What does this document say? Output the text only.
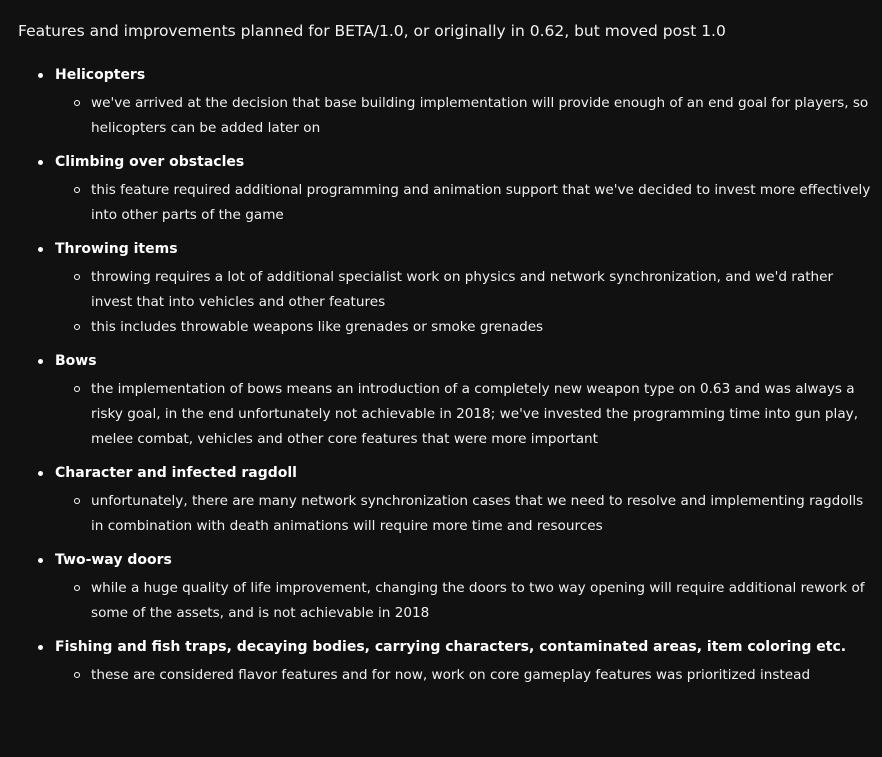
Features and improvements planned for BETA/1.0, or originally in 0.62, but moved post 1.0
Helicopters
we've arrived at the decision that base building implementation will provide enough of an end goal for players, so helicopters can be added later on
Climbing over obstacles
this feature required additional programming and animation support that we've decided to invest more effectively into other parts of the game
Throwing items
throwing requires a lot of additional specialist work on physics and network synchronization, and we'd rather invest that into vehicles and other features
this includes throwable weapons like grenades or smoke grenades
Bows
the implementation of bows means an introduction of a completely new weapon type on 0.63 and was always a risky goal, in the end unfortunately not achievable in 2018; we've invested the programming time into gun play, melee combat, vehicles and other core features that were more important
Character and infected ragdoll
unfortunately, there are many network synchronization cases that we need to resolve and implementing ragdolls in combination with death animations will require more time and resources
Two-way doors
while a huge quality of life improvement, changing the doors to two way opening will require additional rework of some of the assets, and is not achievable in 2018
Fishing and fish traps, decaying bodies, carrying characters, contaminated areas, item coloring etc.
these are considered flavor features and for now, work on core gameplay features was prioritized instead
